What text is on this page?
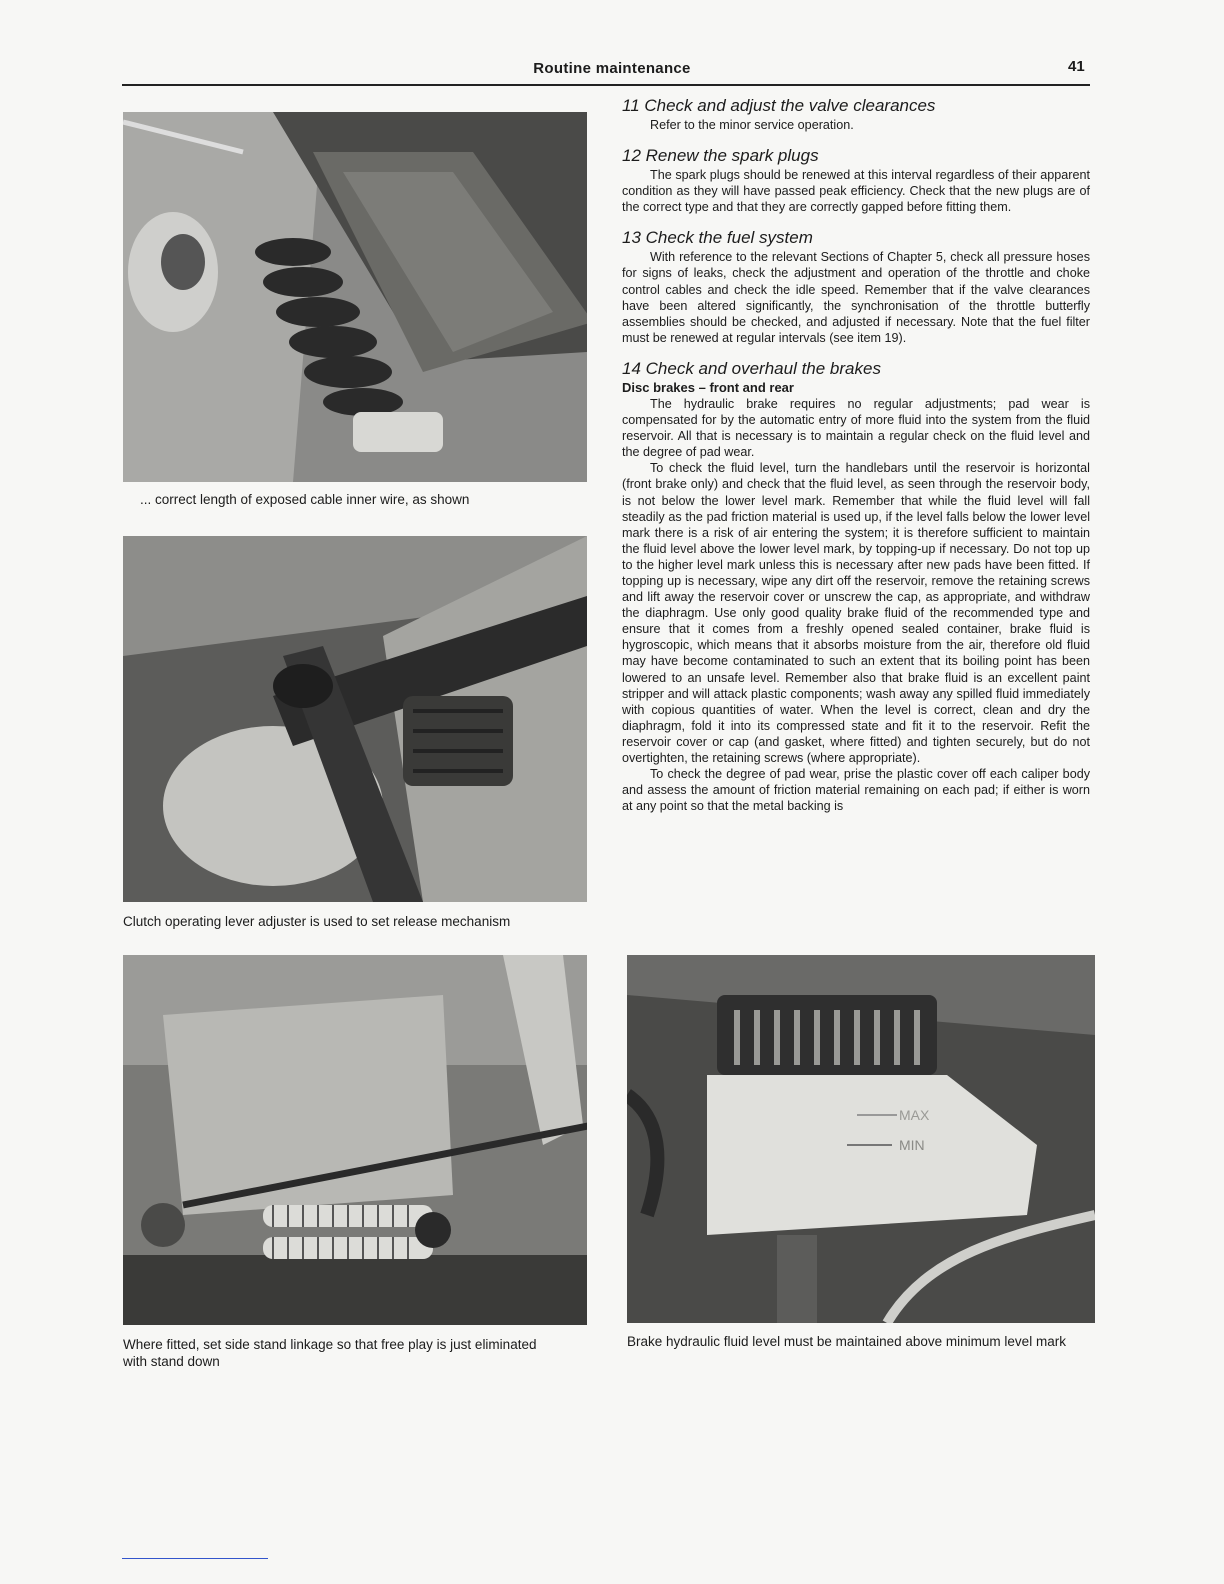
Routine maintenance	41
... correct length of exposed cable inner wire, as shown
Clutch operating lever adjuster is used to set release mechanism
Where fitted, set side stand linkage so that free play is just eliminated with stand down
MAX
MIN
Brake hydraulic fluid level must be maintained above minimum level mark
11 Check and adjust the valve clearances

Refer to the minor service operation.

12 Renew the spark plugs

The spark plugs should be renewed at this interval regardless of their apparent condition as they will have passed peak efficiency. Check that the new plugs are of the correct type and that they are correctly gapped before fitting them.

13 Check the fuel system

With reference to the relevant Sections of Chapter 5, check all pressure hoses for signs of leaks, check the adjustment and operation of the throttle and choke control cables and check the idle speed. Remember that if the valve clearances have been altered significantly, the synchronisation of the throttle butterfly assemblies should be checked, and adjusted if necessary. Note that the fuel filter must be renewed at regular intervals (see item 19).

14 Check and overhaul the brakes
Disc brakes – front and rear

The hydraulic brake requires no regular adjustments; pad wear is compensated for by the automatic entry of more fluid into the system from the fluid reservoir. All that is necessary is to maintain a regular check on the fluid level and the degree of pad wear.

To check the fluid level, turn the handlebars until the reservoir is horizontal (front brake only) and check that the fluid level, as seen through the reservoir body, is not below the lower level mark. Remember that while the fluid level will fall steadily as the pad friction material is used up, if the level falls below the lower level mark there is a risk of air entering the system; it is therefore sufficient to maintain the fluid level above the lower level mark, by topping-up if necessary. Do not top up to the higher level mark unless this is necessary after new pads have been fitted. If topping up is necessary, wipe any dirt off the reservoir, remove the retaining screws and lift away the reservoir cover or unscrew the cap, as appropriate, and withdraw the diaphragm. Use only good quality brake fluid of the recommended type and ensure that it comes from a freshly opened sealed container, brake fluid is hygroscopic, which means that it absorbs moisture from the air, therefore old fluid may have become contaminated to such an extent that its boiling point has been lowered to an unsafe level. Remember also that brake fluid is an excellent paint stripper and will attack plastic components; wash away any spilled fluid immediately with copious quantities of water. When the level is correct, clean and dry the diaphragm, fold it into its compressed state and fit it to the reservoir. Refit the reservoir cover or cap (and gasket, where fitted) and tighten securely, but do not overtighten, the retaining screws (where appropriate).

To check the degree of pad wear, prise the plastic cover off each caliper body and assess the amount of friction material remaining on each pad; if either is worn at any point so that the metal backing is
